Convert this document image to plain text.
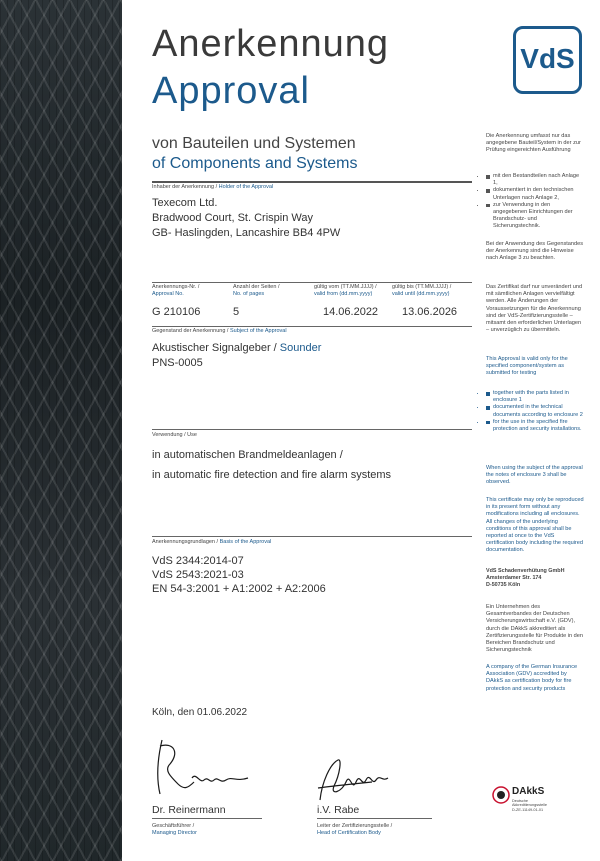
Anerkennung
Approval
von Bauteilen und Systemen
of Components and Systems
VdS
Inhaber der Anerkennung / Holder of the Approval
Texecom Ltd.
Bradwood Court, St. Crispin Way
GB- Haslingden, Lancashire BB4 4PW
Anerkennungs-Nr. /
Approval No.
Anzahl der Seiten /
No. of pages
gültig vom (TT.MM.JJJJ) /
valid from (dd.mm.yyyy)
gültig bis (TT.MM.JJJJ) /
valid until (dd.mm.yyyy)
G 210106	5	14.06.2022 13.06.2026
Gegenstand der Anerkennung / Subject of the Approval
Akustischer Signalgeber / Sounder
PNS-0005
Verwendung / Use
in automatischen Brandmeldeanlagen /
in automatic fire detection and fire alarm systems
Anerkennungsgrundlagen / Basis of the Approval
VdS 2344:2014-07
VdS 2543:2021-03
EN 54-3:2001 + A1:2002 + A2:2006
Köln, den 01.06.2022
Dr. Reinermann	i.V. Rabe
Geschäftsführer /
Managing Director
Leiter der Zertifizierungsstelle /
Head of Certification Body
Die Anerkennung umfasst nur das angegebene Bauteil/System in der zur Prüfung eingereichten Ausführung
• mit den Bestandteilen nach Anlage 1,
• dokumentiert in den technischen Unterlagen nach Anlage 2,
• zur Verwendung in den angegebenen Einrichtungen der Brandschutz- und Sicherungstechnik.
Bei der Anwendung des Gegenstandes der Anerkennung sind die Hinweise nach Anlage 3 zu beachten.
Das Zertifikat darf nur unverändert und mit sämtlichen Anlagen vervielfältigt werden. Alle Änderungen der Voraussetzungen für die Anerkennung sind der VdS-Zertifizierungsstelle – mitsamt den erforderlichen Unterlagen – unverzüglich zu übermitteln.
This Approval is valid only for the specified component/system as submitted for testing
• together with the parts listed in enclosure 1
• documented in the technical documents according to enclosure 2
• for the use in the specified fire protection and security installations.
When using the subject of the approval the notes of enclosure 3 shall be observed.
This certificate may only be reproduced in its present form without any modifications including all enclosures. All changes of the underlying conditions of this approval shall be reported at once to the VdS certification body including the required documentation.
VdS Schadenverhütung GmbH
Amsterdamer Str. 174
D-50735 Köln
Ein Unternehmen des Gesamtverbandes der Deutschen Versicherungswirtschaft e.V. (GDV), durch die DAkkS akkreditiert als Zertifizierungsstelle für Produkte in den Bereichen Brandschutz und Sicherungstechnik
A company of the German Insurance Association (GDV) accredited by DAkkS as certification body for fire protection and security products
DAkkS
Deutsche
Akkreditierungsstelle
D-ZE-11149-01-01
